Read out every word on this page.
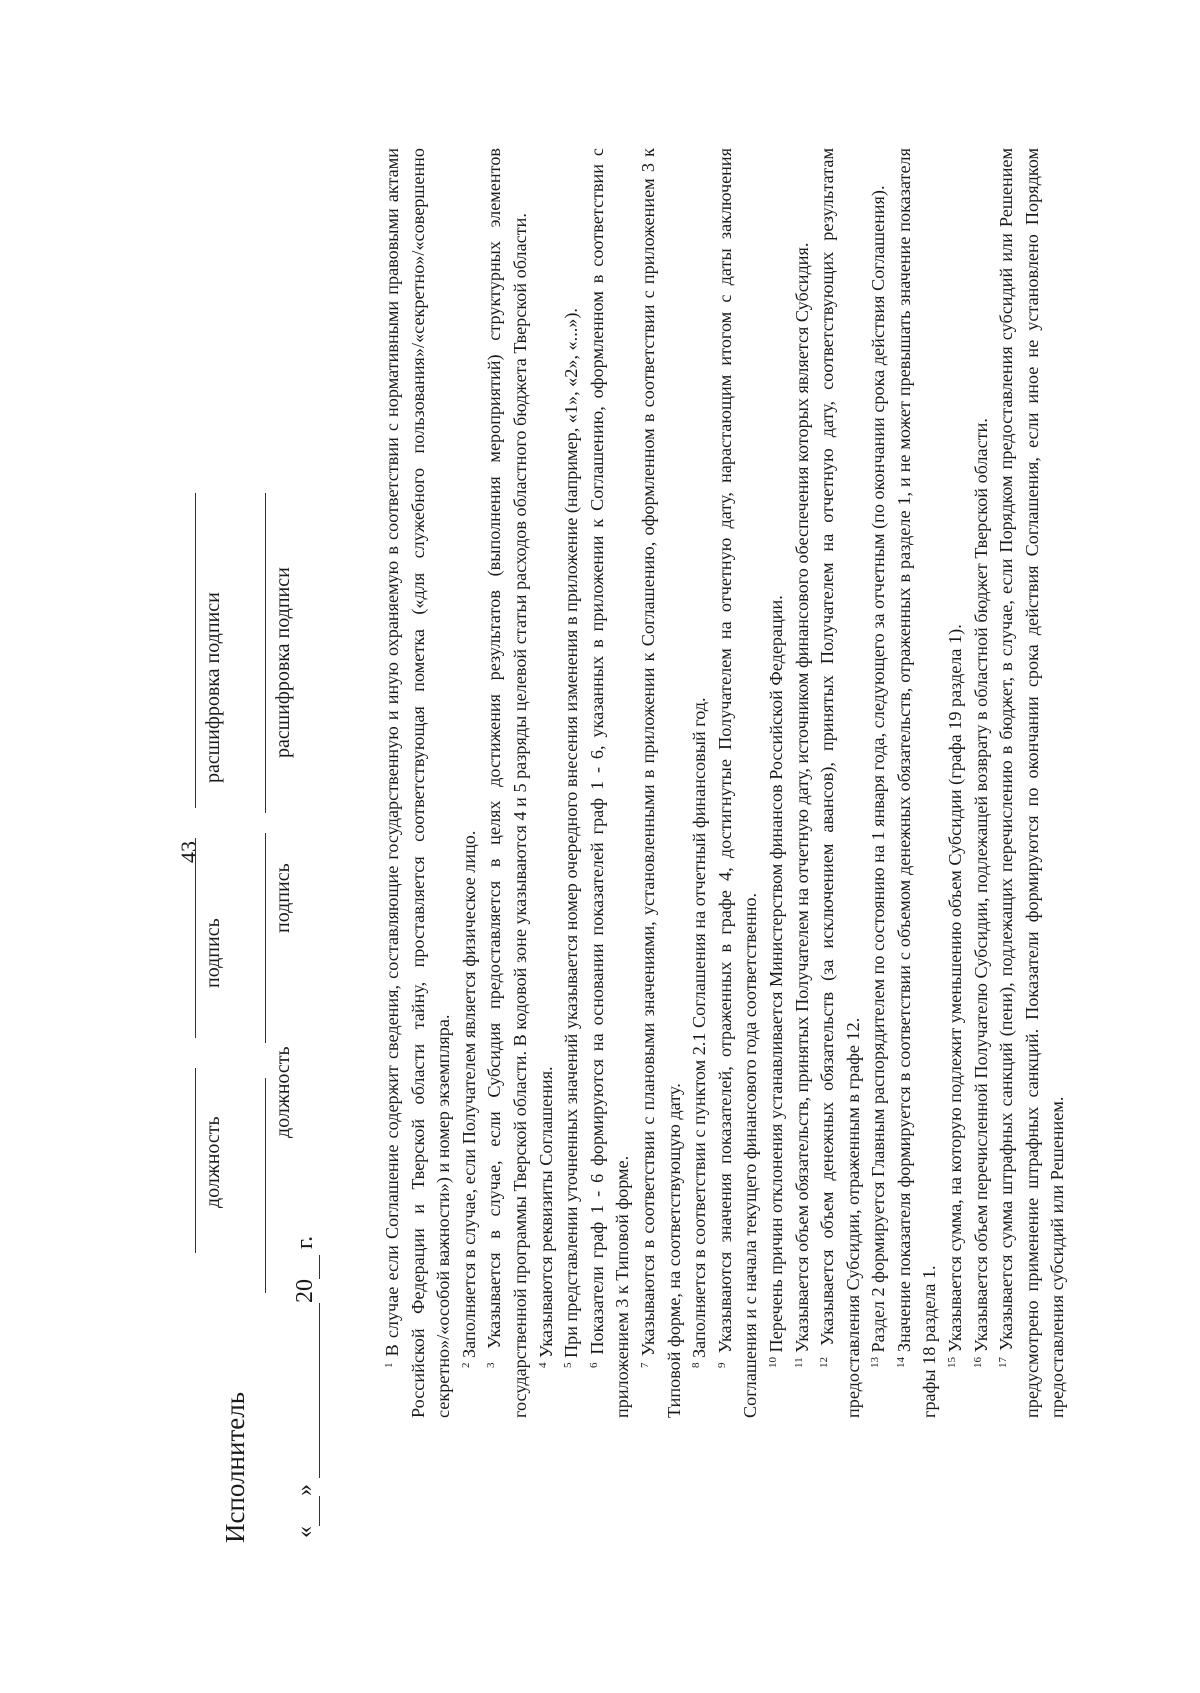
43
Исполнитель
должность
подпись
расшифровка подписи
должность
подпись
расшифровка подписи
« » 20  г.

$^1$ В случае если Соглашение содержит сведения, составляющие государственную и иную охраняемую в соответствии с нормативными правовыми актами Российской Федерации и Тверской области тайну, проставляется соответствующая пометка («для служебного пользования»/«секретно»/«совершенно секретно»/«особой важности») и номер экземпляра. $^2$ Заполняется в случае, если Получателем является физическое лицо.

$^3$ Указывается в случае, если Субсидия предоставляется в целях достижения результатов (выполнения мероприятий) структурных элементов государственной программы Тверской области. В кодовой зоне указываются 4 и 5 разряды целевой статьи расходов областного бюджета Тверской области. $^4$ Указываются реквизиты Соглашения.

$^5$ При представлении уточненных значений указывается номер очередного внесения изменения в приложение (например, «1», «2», «...»).

$^6$ Показатели граф 1 - 6 формируются на основании показателей граф 1 - 6, указанных в приложении к Соглашению, оформленном в соответствии с приложением 3 к Типовой форме. $^7$ Указываются в соответствии с плановыми значениями, установленными в приложении к Соглашению, оформленном в соответствии с приложением 3 к Типовой форме, на соответствующую дату. $^8$ Заполняется в соответствии с пунктом 2.1 Соглашения на отчетный финансовый год.

$^9$ Указываются значения показателей, отраженных в графе 4, достигнутые Получателем на отчетную дату, нарастающим итогом с даты заключения Соглашения и с начала текущего финансового года соответственно. $^{10}$ Перечень причин отклонения устанавливается Министерством финансов Российской Федерации.

$^{11}$ Указывается объем обязательств, принятых Получателем на отчетную дату, источником финансового обеспечения которых является Субсидия.

$^{12}$ Указывается объем денежных обязательств (за исключением авансов), принятых Получателем на отчетную дату, соответствующих результатам предоставления Субсидии, отраженным в графе 12. $^{13}$ Раздел 2 формируется Главным распорядителем по состоянию на 1 января года, следующего за отчетным (по окончании срока действия Соглашения).

$^{14}$ Значение показателя формируется в соответствии с объемом денежных обязательств, отраженных в разделе 1, и не может превышать значение показателя графы 18 раздела 1. $^{15}$ Указывается сумма, на которую подлежит уменьшению объем Субсидии (графа 19 раздела 1).

$^{16}$ Указывается объем перечисленной Получателю Субсидии, подлежащей возврату в областной бюджет Тверской области.

$^{17}$ Указывается сумма штрафных санкций (пени), подлежащих перечислению в бюджет, в случае, если Порядком предоставления субсидий или Решением предусмотрено применение штрафных санкций. Показатели формируются по окончании срока действия Соглашения, если иное не установлено Порядком предоставления субсидий или Решением.
